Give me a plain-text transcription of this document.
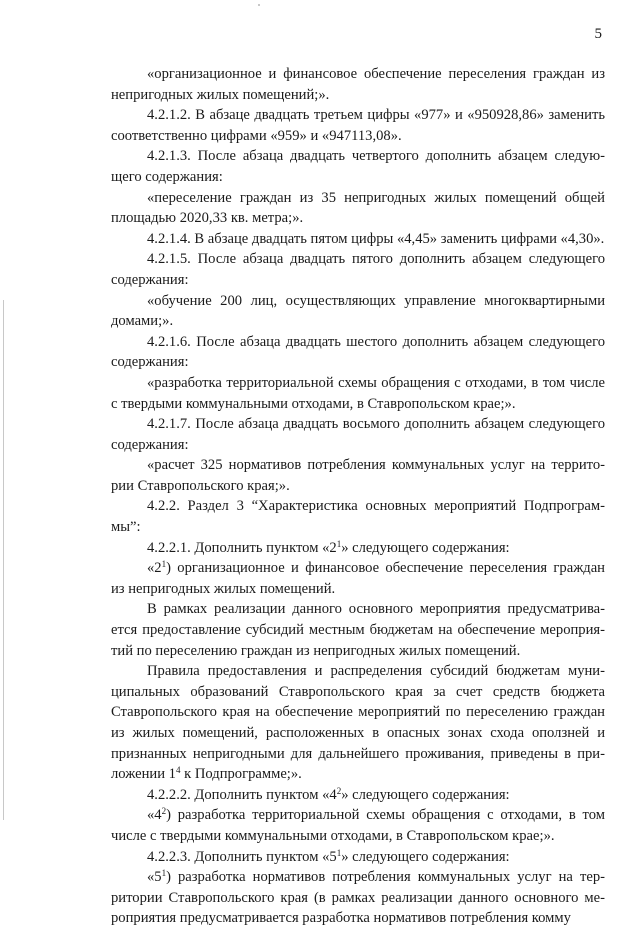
5

«организационное и финансовое обеспечение переселения граждан из непригодных жилых помещений;».

4.2.1.2. В абзаце двадцать третьем цифры «977» и «950928,86» заменить соответственно цифрами «959» и «947113,08».

4.2.1.3. После абзаца двадцать четвертого дополнить абзацем следующего содержания:

«переселение граждан из 35 непригодных жилых помещений общей площадью 2020,33 кв. метра;».

4.2.1.4. В абзаце двадцать пятом цифры «4,45» заменить цифрами «4,30».

4.2.1.5. После абзаца двадцать пятого дополнить абзацем следующего содержания:

«обучение 200 лиц, осуществляющих управление многоквартирными домами;».

4.2.1.6. После абзаца двадцать шестого дополнить абзацем следующего содержания:

«разработка территориальной схемы обращения с отходами, в том числе с твердыми коммунальными отходами, в Ставропольском крае;».

4.2.1.7. После абзаца двадцать восьмого дополнить абзацем следующего содержания:

«расчет 325 нормативов потребления коммунальных услуг на территории Ставропольского края;».

4.2.2. Раздел 3 “Характеристика основных мероприятий Подпрограммы”:

4.2.2.1. Дополнить пунктом «$2^1$» следующего содержания:

«$2^1$) организационное и финансовое обеспечение переселения граждан из непригодных жилых помещений.

В рамках реализации данного основного мероприятия предусматривается предоставление субсидий местным бюджетам на обеспечение мероприятий по переселению граждан из непригодных жилых помещений.

Правила предоставления и распределения субсидий бюджетам муниципальных образований Ставропольского края за счет средств бюджета Ставропольского края на обеспечение мероприятий по переселению граждан из жилых помещений, расположенных в опасных зонах схода оползней и признанных непригодными для дальнейшего проживания, приведены в приложении $1^4$ к Подпрограмме;».

4.2.2.2. Дополнить пунктом «$4^2$» следующего содержания:

«$4^2$) разработка территориальной схемы обращения с отходами, в том числе с твердыми коммунальными отходами, в Ставропольском крае;».

4.2.2.3. Дополнить пунктом «$5^1$» следующего содержания:

«$5^1$) разработка нормативов потребления коммунальных услуг на территории Ставропольского края (в рамках реализации данного основного мероприятия предусматривается разработка нормативов потребления комму
